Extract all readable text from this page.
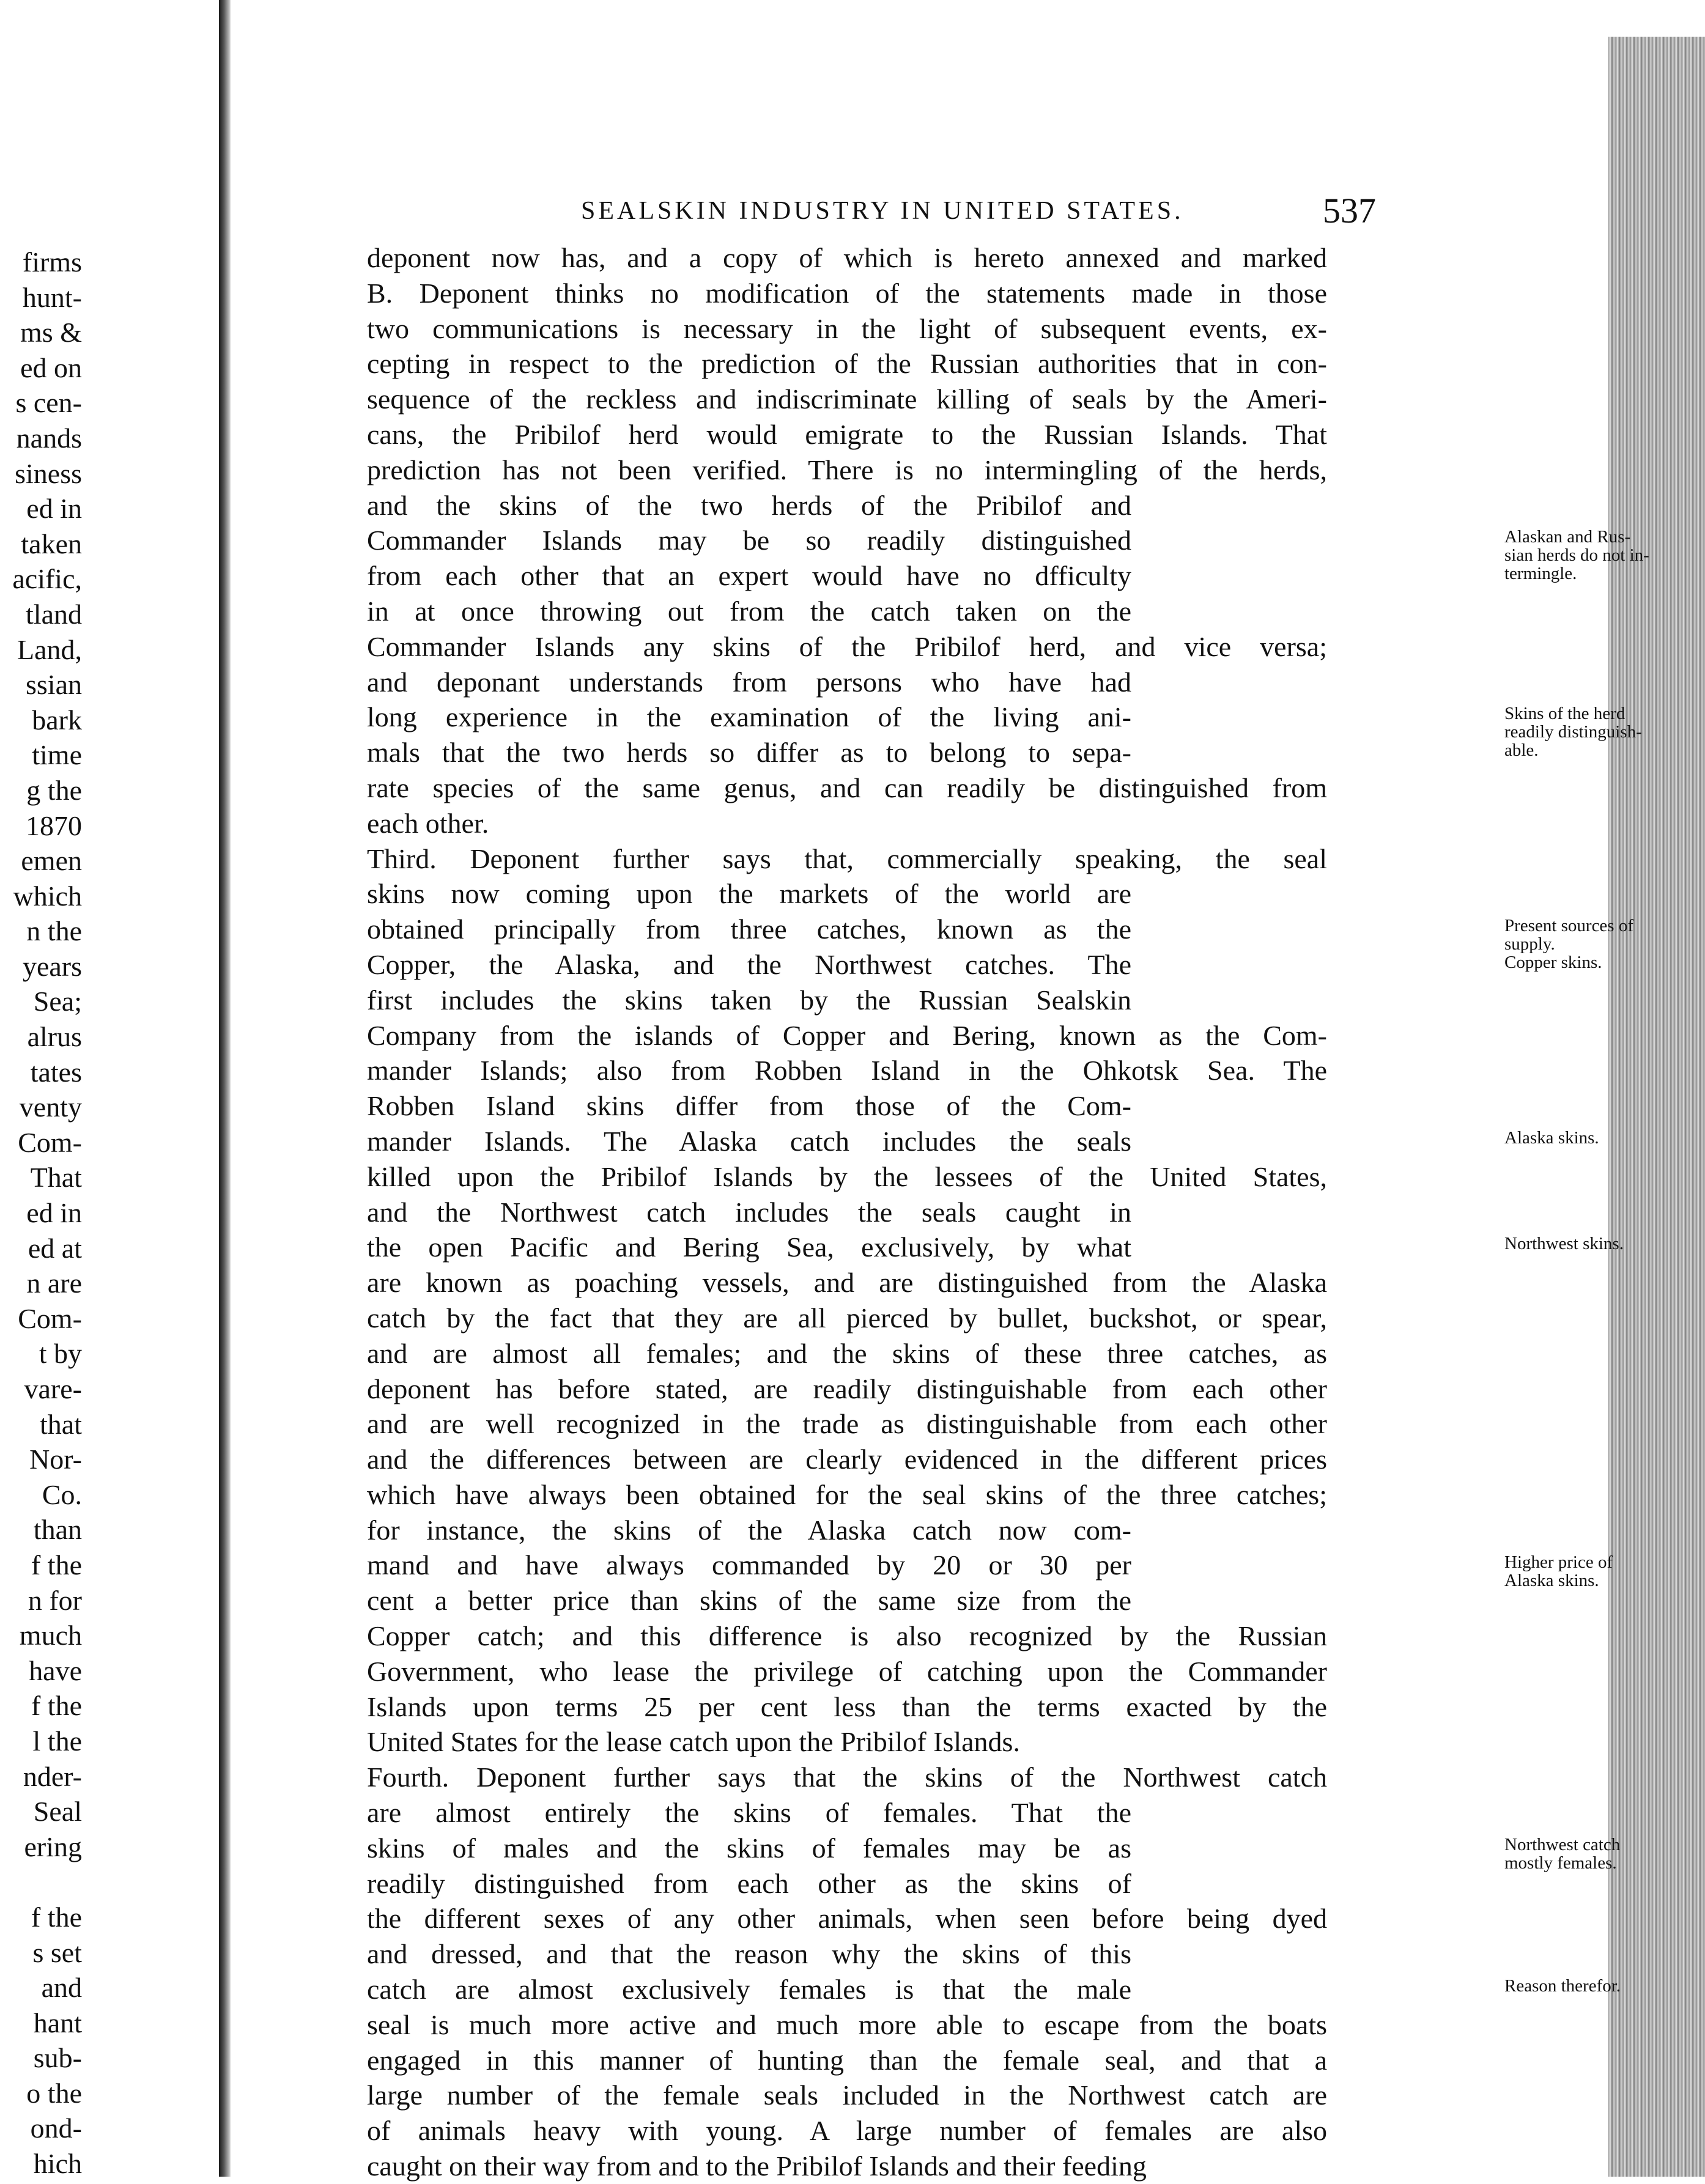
firms
hunt-
ms &
ed on
s cen-
nands
siness
ed in
taken
acific,
tland
Land,
ssian
bark
time
g the
1870
emen
which
n the
years
Sea;
alrus
tates
venty
Com-
That
ed in
ed at
n are
Com-
t by
vare-
that
Nor-
Co.
than
f the
n for
much
have
f the
l the
nder-
Seal
ering
f the
s set
and
hant
sub-
o the
ond-
hich
SEALSKIN INDUSTRY IN UNITED STATES.	537
Alaskan and Rus-
sian herds do not in-
termingle.
Skins of the herd
readily distinguish-
able.
Present sources of
supply.
Copper skins.
Alaska skins.
Northwest skins.
Higher price of
Alaska skins.
Northwest catch
mostly females.
Reason therefor.
deponent now has, and a copy of which is hereto annexed and marked
B. Deponent thinks no modification of the statements made in those
two communications is necessary in the light of subsequent events, ex-
cepting in respect to the prediction of the Russian authorities that in con-
sequence of the reckless and indiscriminate killing of seals by the Ameri-
cans, the Pribilof herd would emigrate to the Russian Islands. That
prediction has not been verified. There is no intermingling of the herds,
and the skins of the two herds of the Pribilof and
Commander Islands may be so readily distinguished
from each other that an expert would have no dfficulty
in at once throwing out from the catch taken on the
Commander Islands any skins of the Pribilof herd, and vice versa;
and deponant understands from persons who have had
long experience in the examination of the living ani-
mals that the two herds so differ as to belong to sepa-
rate species of the same genus, and can readily be distinguished from
each other.
Third. Deponent further says that, commercially speaking, the seal
skins now coming upon the markets of the world are
obtained principally from three catches, known as the
Copper, the Alaska, and the Northwest catches. The
first includes the skins taken by the Russian Sealskin
Company from the islands of Copper and Bering, known as the Com-
mander Islands; also from Robben Island in the Ohkotsk Sea. The
Robben Island skins differ from those of the Com-
mander Islands. The Alaska catch includes the seals
killed upon the Pribilof Islands by the lessees of the United States,
and the Northwest catch includes the seals caught in
the open Pacific and Bering Sea, exclusively, by what
are known as poaching vessels, and are distinguished from the Alaska
catch by the fact that they are all pierced by bullet, buckshot, or spear,
and are almost all females; and the skins of these three catches, as
deponent has before stated, are readily distinguishable from each other
and are well recognized in the trade as distinguishable from each other
and the differences between are clearly evidenced in the different prices
which have always been obtained for the seal skins of the three catches;
for instance, the skins of the Alaska catch now com-
mand and have always commanded by 20 or 30 per
cent a better price than skins of the same size from the
Copper catch; and this difference is also recognized by the Russian
Government, who lease the privilege of catching upon the Commander
Islands upon terms 25 per cent less than the terms exacted by the
United States for the lease catch upon the Pribilof Islands.
Fourth. Deponent further says that the skins of the Northwest catch
are almost entirely the skins of females. That the
skins of males and the skins of females may be as
readily distinguished from each other as the skins of
the different sexes of any other animals, when seen before being dyed
and dressed, and that the reason why the skins of this
catch are almost exclusively females is that the male
seal is much more active and much more able to escape from the boats
engaged in this manner of hunting than the female seal, and that a
large number of the female seals included in the Northwest catch are
of animals heavy with young. A large number of females are also
caught on their way from and to the Pribilof Islands and their feeding
